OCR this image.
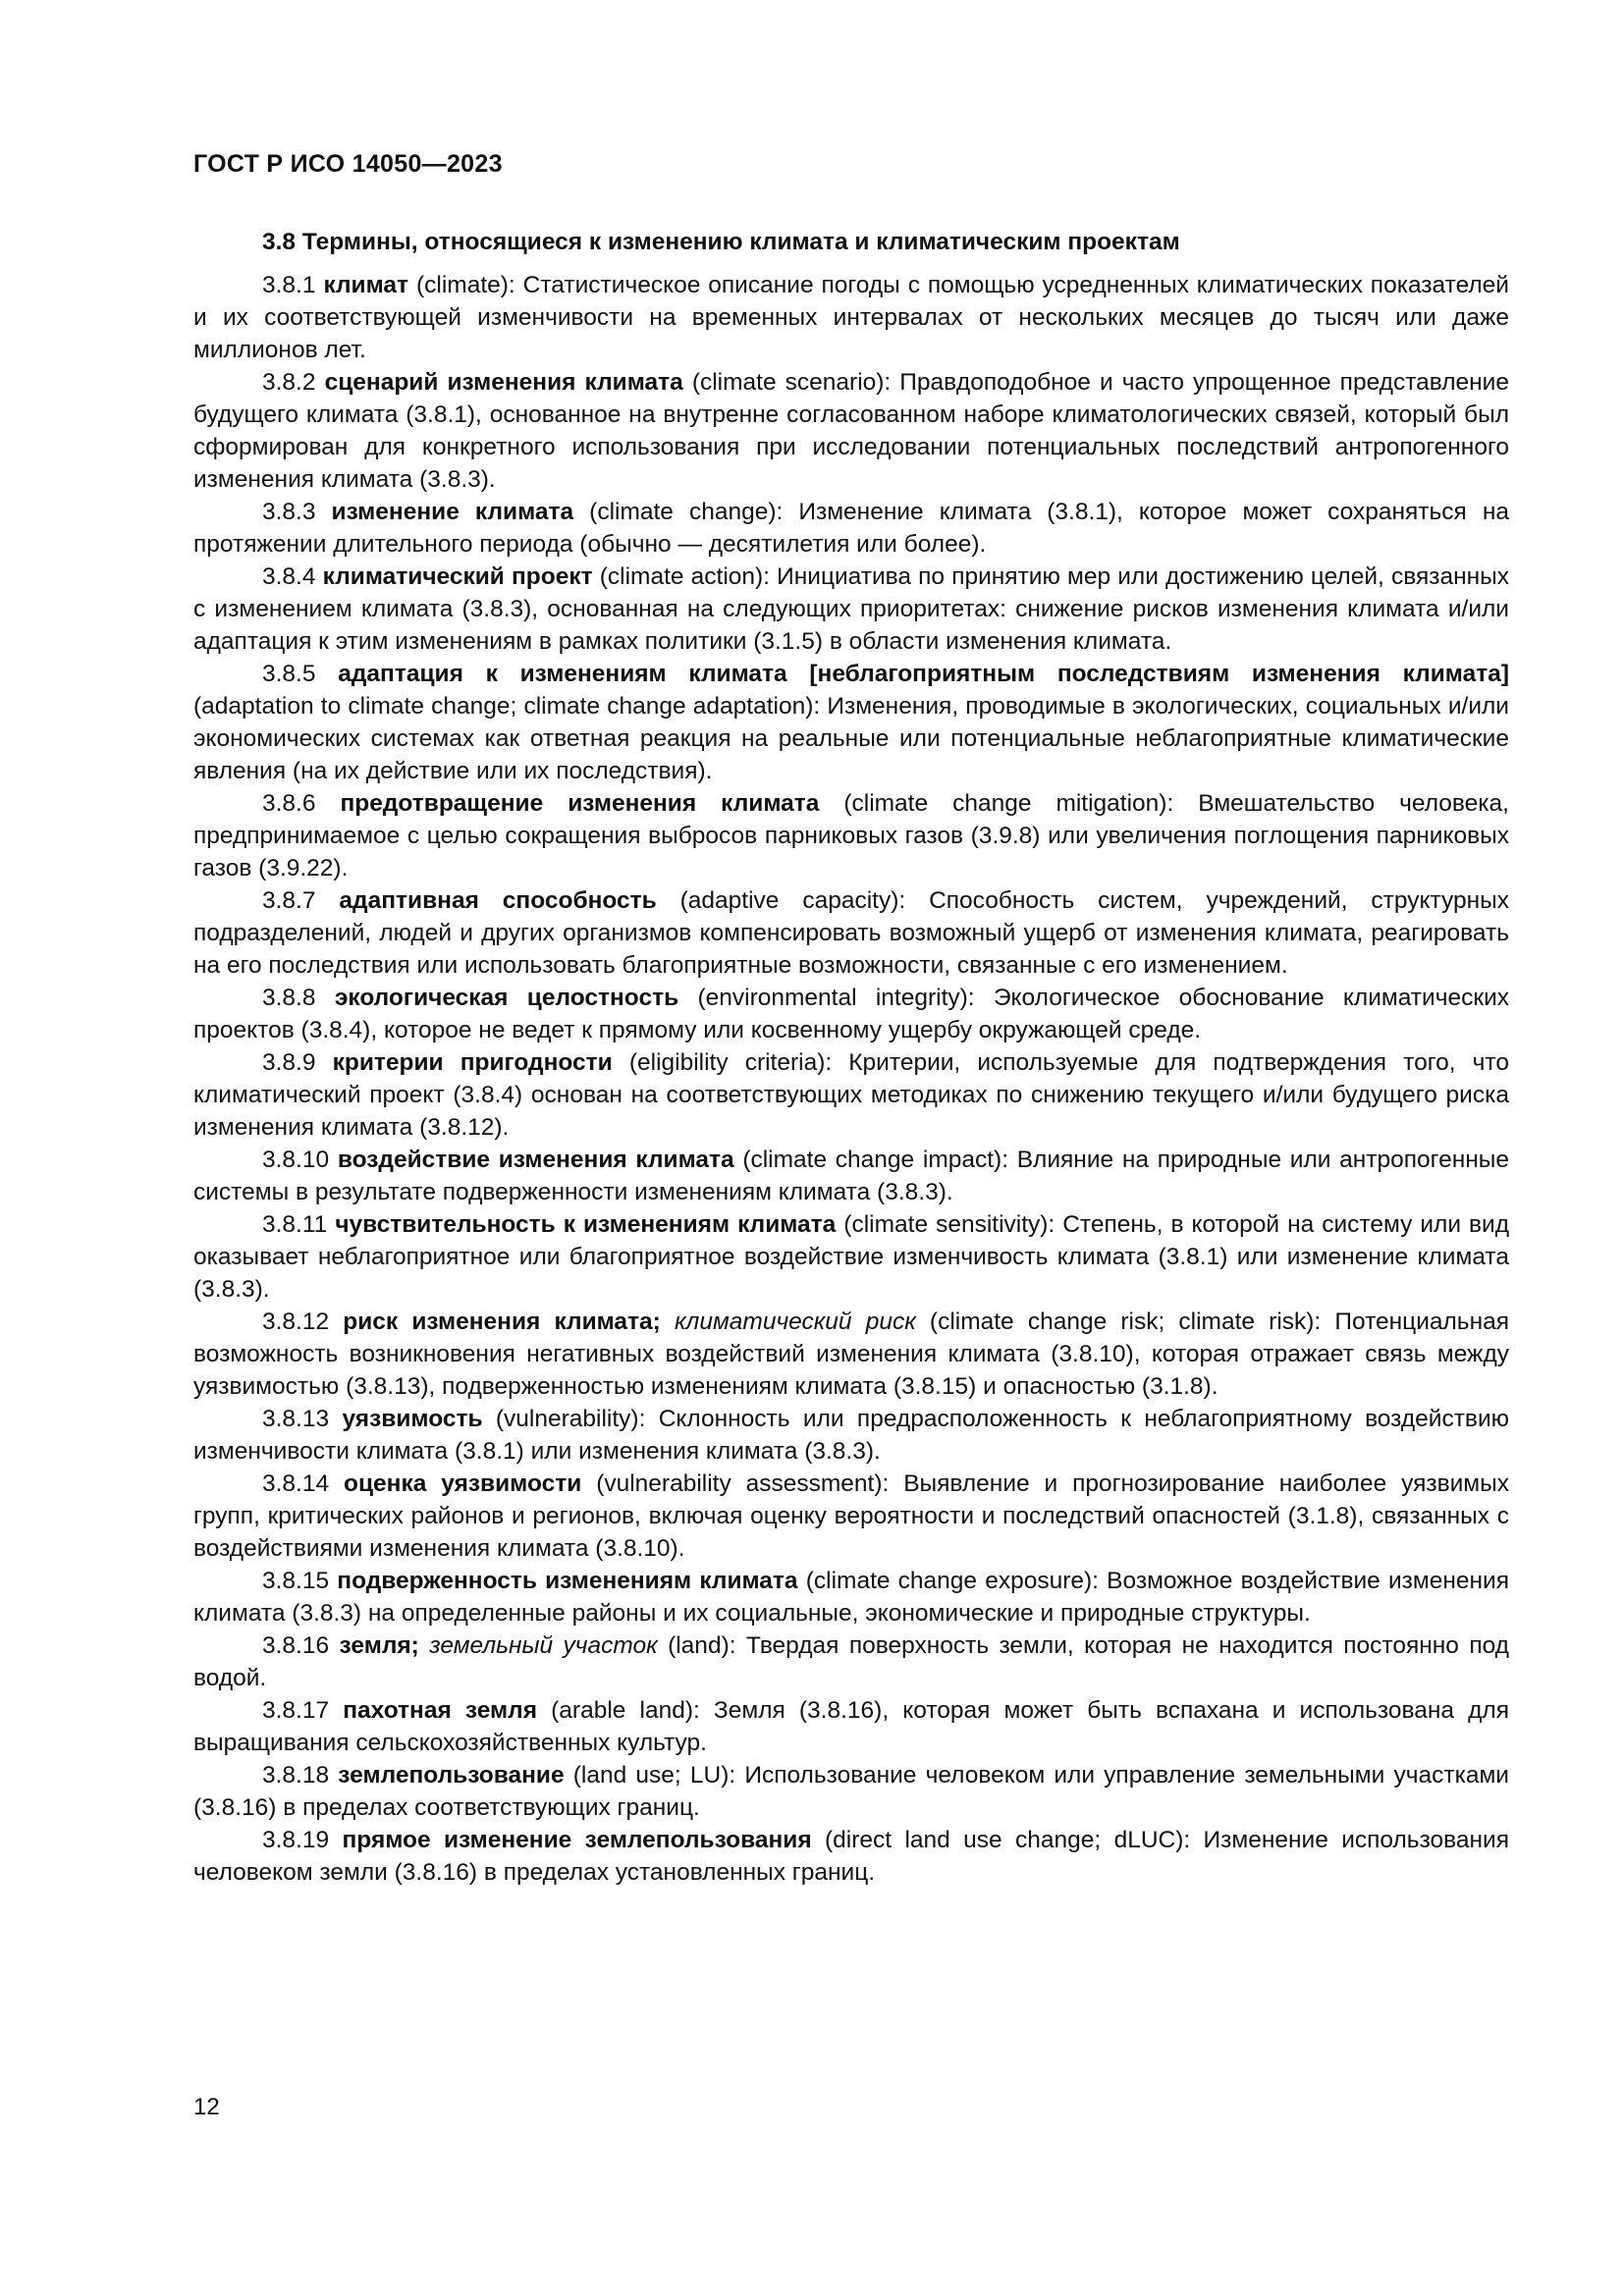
ГОСТ Р ИСО 14050—2023
3.8 Термины, относящиеся к изменению климата и климатическим проектам

3.8.1 климат (climate): Статистическое описание погоды с помощью усредненных климатических показателей и их соответствующей изменчивости на временных интервалах от нескольких месяцев до тысяч или даже миллионов лет.

3.8.2 сценарий изменения климата (climate scenario): Правдоподобное и часто упрощенное представление будущего климата (3.8.1), основанное на внутренне согласованном наборе климатологических связей, который был сформирован для конкретного использования при исследовании потенциальных последствий антропогенного изменения климата (3.8.3).

3.8.3 изменение климата (climate change): Изменение климата (3.8.1), которое может сохраняться на протяжении длительного периода (обычно — десятилетия или более).

3.8.4 климатический проект (climate action): Инициатива по принятию мер или достижению целей, связанных с изменением климата (3.8.3), основанная на следующих приоритетах: снижение рисков изменения климата и/или адаптация к этим изменениям в рамках политики (3.1.5) в области изменения климата.

3.8.5 адаптация к изменениям климата [неблагоприятным последствиям изменения климата] (adaptation to climate change; climate change adaptation): Изменения, проводимые в экологических, социальных и/или экономических системах как ответная реакция на реальные или потенциальные неблагоприятные климатические явления (на их действие или их последствия).

3.8.6 предотвращение изменения климата (climate change mitigation): Вмешательство человека, предпринимаемое с целью сокращения выбросов парниковых газов (3.9.8) или увеличения поглощения парниковых газов (3.9.22).

3.8.7 адаптивная способность (adaptive capacity): Способность систем, учреждений, структурных подразделений, людей и других организмов компенсировать возможный ущерб от изменения климата, реагировать на его последствия или использовать благоприятные возможности, связанные с его изменением.

3.8.8 экологическая целостность (environmental integrity): Экологическое обоснование климатических проектов (3.8.4), которое не ведет к прямому или косвенному ущербу окружающей среде.

3.8.9 критерии пригодности (eligibility criteria): Критерии, используемые для подтверждения того, что климатический проект (3.8.4) основан на соответствующих методиках по снижению текущего и/или будущего риска изменения климата (3.8.12).

3.8.10 воздействие изменения климата (climate change impact): Влияние на природные или антропогенные системы в результате подверженности изменениям климата (3.8.3).

3.8.11 чувствительность к изменениям климата (climate sensitivity): Степень, в которой на систему или вид оказывает неблагоприятное или благоприятное воздействие изменчивость климата (3.8.1) или изменение климата (3.8.3).

3.8.12 риск изменения климата; климатический риск (climate change risk; climate risk): Потенциальная возможность возникновения негативных воздействий изменения климата (3.8.10), которая отражает связь между уязвимостью (3.8.13), подверженностью изменениям климата (3.8.15) и опасностью (3.1.8).

3.8.13 уязвимость (vulnerability): Склонность или предрасположенность к неблагоприятному воздействию изменчивости климата (3.8.1) или изменения климата (3.8.3).

3.8.14 оценка уязвимости (vulnerability assessment): Выявление и прогнозирование наиболее уязвимых групп, критических районов и регионов, включая оценку вероятности и последствий опасностей (3.1.8), связанных с воздействиями изменения климата (3.8.10).

3.8.15 подверженность изменениям климата (climate change exposure): Возможное воздействие изменения климата (3.8.3) на определенные районы и их социальные, экономические и природные структуры.

3.8.16 земля; земельный участок (land): Твердая поверхность земли, которая не находится постоянно под водой.

3.8.17 пахотная земля (arable land): Земля (3.8.16), которая может быть вспахана и использована для выращивания сельскохозяйственных культур.

3.8.18 землепользование (land use; LU): Использование человеком или управление земельными участками (3.8.16) в пределах соответствующих границ.

3.8.19 прямое изменение землепользования (direct land use change; dLUC): Изменение использования человеком земли (3.8.16) в пределах установленных границ.

12
